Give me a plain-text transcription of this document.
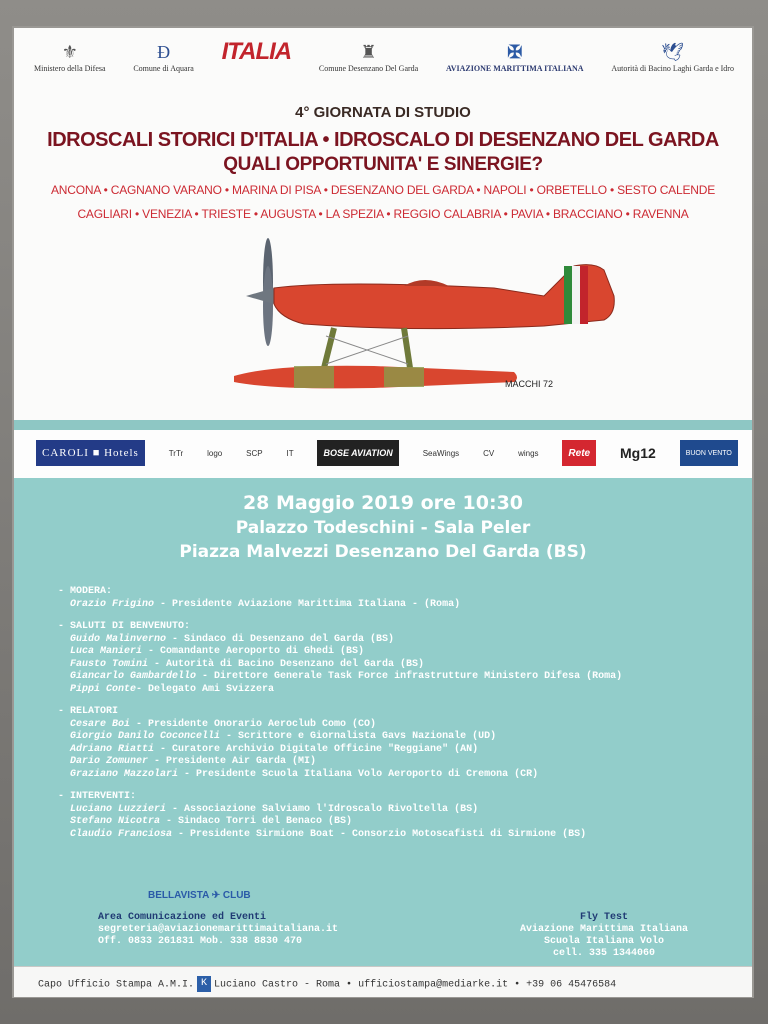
⚜
Ministero della Difesa
Ɖ
Comune di Aquara
ITALIA	♜
Comune Desenzano Del Garda
✠
AVIAZIONE MARITTIMA ITALIANA
🕊
Autorità di Bacino Laghi Garda e Idro
4° GIORNATA DI STUDIO
IDROSCALI STORICI D'ITALIA • IDROSCALO DI DESENZANO DEL GARDA
QUALI OPPORTUNITA' E SINERGIE?
ANCONA • CAGNANO VARANO • MARINA DI PISA • DESENZANO DEL GARDA • NAPOLI • ORBETELLO • SESTO CALENDE
CAGLIARI • VENEZIA • TRIESTE • AUGUSTA • LA SPEZIA • REGGIO CALABRIA • PAVIA • BRACCIANO • RAVENNA
MACCHI 72
CAROLI ■ Hotels	TrTr	logo	SCP	IT	BOSE AVIATION	SeaWings	CV	wings	Rete	Mg12	BUON VENTO
28 Maggio 2019 ore 10:30
Palazzo Todeschini - Sala Peler
Piazza Malvezzi Desenzano Del Garda (BS)
- MODERA:
Orazio Frigino - Presidente Aviazione Marittima Italiana - (Roma)
- SALUTI DI BENVENUTO:
Guido Malinverno - Sindaco di Desenzano del Garda (BS)
Luca Manieri - Comandante Aeroporto di Ghedi (BS)
Fausto Tomini - Autorità di Bacino Desenzano del Garda (BS)
Giancarlo Gambardello - Direttore Generale Task Force infrastrutture Ministero Difesa (Roma)
Pippi Conte- Delegato Ami Svizzera
- RELATORI
Cesare Boi - Presidente Onorario Aeroclub Como (CO)
Giorgio Danilo Coconcelli - Scrittore e Giornalista Gavs Nazionale (UD)
Adriano Riatti - Curatore Archivio Digitale Officine "Reggiane" (AN)
Dario Zomuner - Presidente Air Garda (MI)
Graziano Mazzolari - Presidente Scuola Italiana Volo Aeroporto di Cremona (CR)
- INTERVENTI:
Luciano Luzzieri - Associazione Salviamo l'Idroscalo Rivoltella (BS)
Stefano Nicotra - Sindaco Torri del Benaco (BS)
Claudio Franciosa - Presidente Sirmione Boat - Consorzio Motoscafisti di Sirmione (BS)
BELLAVISTA ✈ CLUB
Area Comunicazione ed Eventi
segreteria@aviazionemarittimaitaliana.it
Off. 0833 261831 Mob. 338 8830 470
Fly Test
Aviazione Marittima Italiana
Scuola Italiana Volo
cell. 335 1344060
Capo Ufficio Stampa A.M.I. K Luciano Castro - Roma • ufficiostampa@mediarke.it • +39 06 45476584
